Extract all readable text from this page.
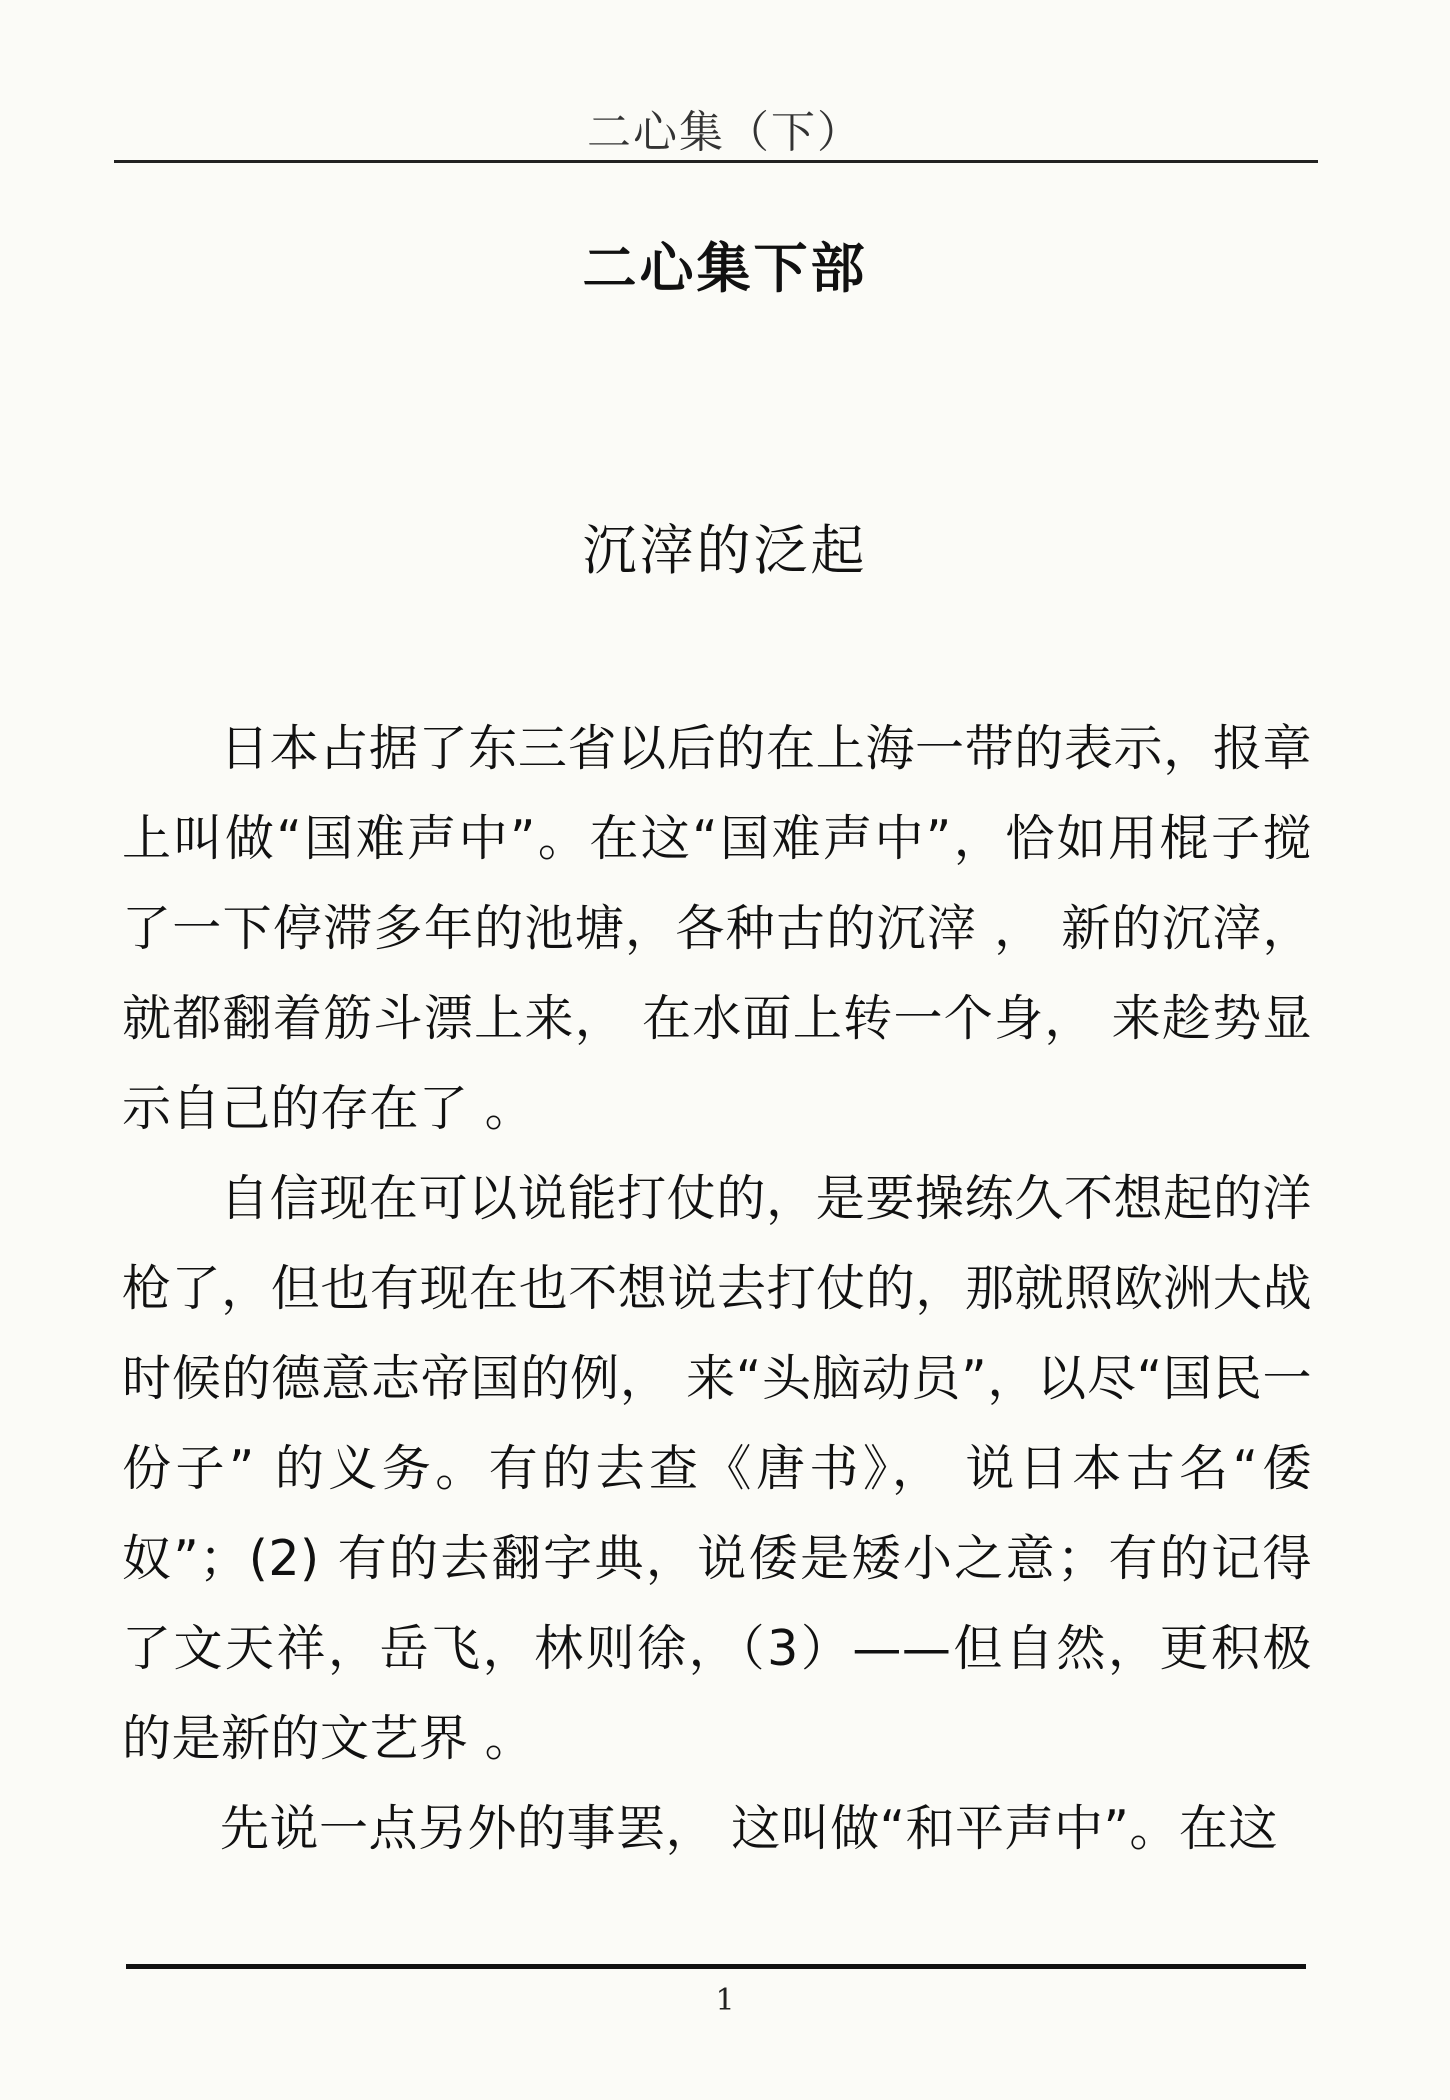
二心集（下）
二心集下部
沉滓的泛起

日本占据了东三省以后的在上海一带的表示，报章上叫做“国难声中”。在这“国难声中”，恰如用棍子搅了一下停滞多年的池塘，各种古的沉滓 ， 新的沉滓，就都翻着筋斗漂上来， 在水面上转一个身， 来趁势显示自己的存在了 。

自信现在可以说能打仗的，是要操练久不想起的洋枪了，但也有现在也不想说去打仗的，那就照欧洲大战时候的德意志帝国的例， 来“头脑动员”，以尽“国民一份子” 的义务。有的去查《唐书》， 说日本古名“倭奴”；(2) 有的去翻字典，说倭是矮小之意；有的记得了文天祥，岳飞，林则徐，（3）——但自然，更积极的是新的文艺界 。

先说一点另外的事罢， 这叫做“和平声中”。在这

1
